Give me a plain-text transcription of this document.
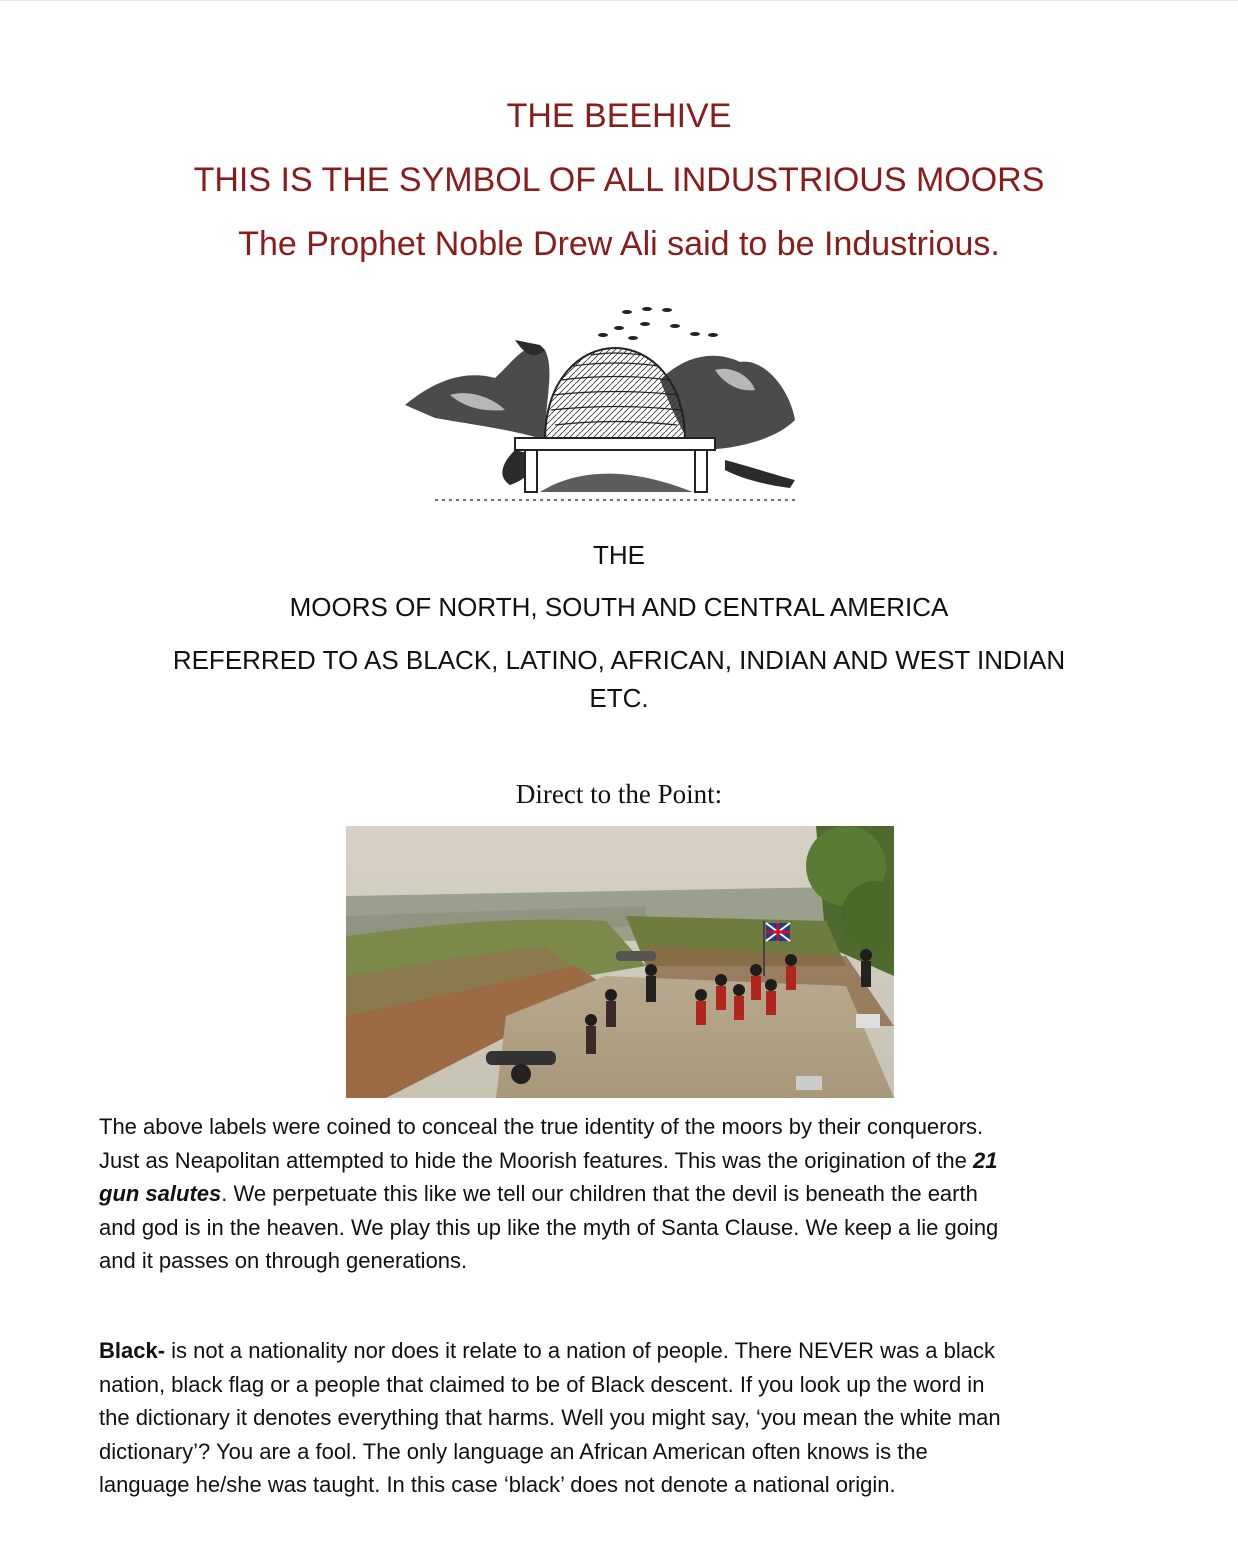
THE BEEHIVE
THIS IS THE SYMBOL OF ALL INDUSTRIOUS MOORS
The Prophet Noble Drew Ali said to be Industrious.
THE
MOORS OF NORTH, SOUTH AND CENTRAL AMERICA
REFERRED TO AS BLACK, LATINO, AFRICAN, INDIAN AND WEST INDIAN
ETC.
Direct to the Point:
The above labels were coined to conceal the true identity of the moors by their conquerors.
Just as Neapolitan attempted to hide the Moorish features. This was the origination of the 21
gun salutes. We perpetuate this like we tell our children that the devil is beneath the earth
and god is in the heaven. We play this up like the myth of Santa Clause. We keep a lie going
and it passes on through generations.
Black- is not a nationality nor does it relate to a nation of people. There NEVER was a black
nation, black flag or a people that claimed to be of Black descent. If you look up the word in
the dictionary it denotes everything that harms. Well you might say, ‘you mean the white man
dictionary’? You are a fool. The only language an African American often knows is the
language he/she was taught. In this case ‘black’ does not denote a national origin.
